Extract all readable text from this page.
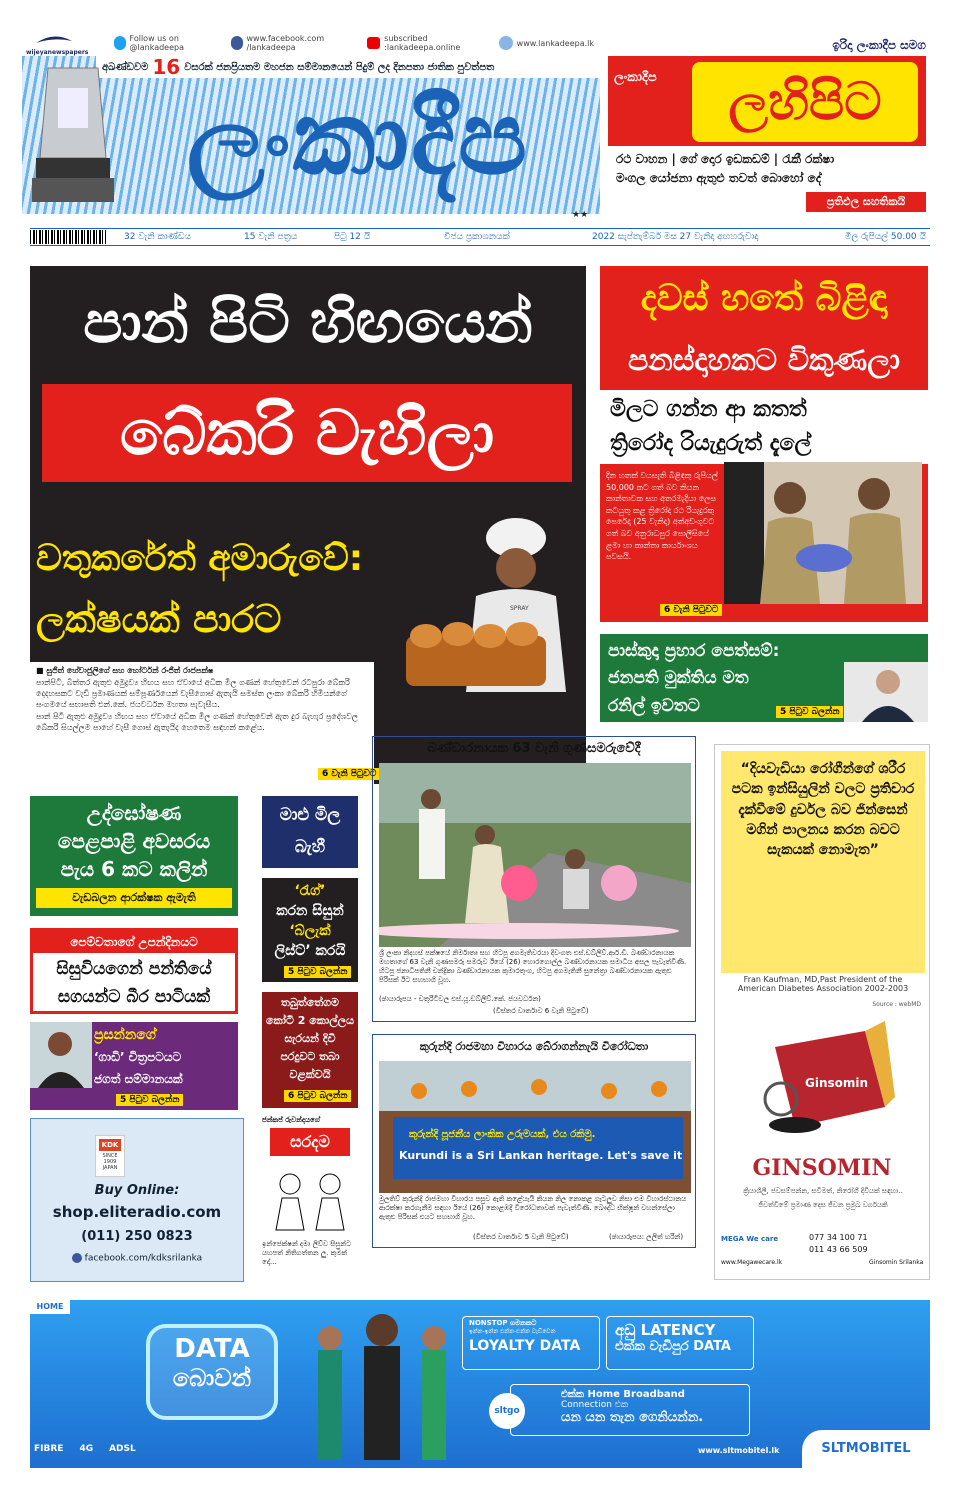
wijeyanewspapers
Follow us on @lankadeepa
www.facebook.com /lankadeepa
subscribed :lankadeepa.online	www.lankadeepa.lk
අඛණ්ඩවම 16 වසරක් ජනප්‍රියතම මහජන සම්මානයෙන් පිදුම් ලද දිනපතා ජාතික පුවත්පත
ලංකාදීප
★★
ඉරිදා ලංකාදීප සමග
ලංකාදීප	ලහිපිට
රථ වාහන | ගේ දොර ඉඩකඩම් | රැකී රක්ෂා
මංගල යෝජනා ඇතුළු තවත් බොහෝ දේ
ප්‍රතිඵල සහතිකයි
32 වැනි කාණ්ඩය	15 වැනි පත්‍රය	පිටු 12 යි	විජය ප්‍රකාශනයක්	2022 සැප්තැම්බර් මස 27 වැනිදා අඟහරුවාදා	මිල රුපියල් 50.00 යි
පාන් පිටි හිඟයෙන්
බේකරි වැහිලා
වතුකරේත් අමාරුවේ:
ලක්ෂයක් පාරට	SPRAY
■ සුජිත් හේවාජුලිගේ සහ හෝර්ටන් රංජිත් රාජපක්ෂ
පාන්පිටි, බිත්තර ඇතුළු අමුද්‍රව්‍ය හිඟය සහ ඒවායේ අධික මිල ගණන් හේතුවෙන් රටපුරා බේකරි දෙදහසකට වැඩි ප්‍රමාණයක් සම්පූර්ණයෙන් වැසීගොස් ඇතැයි සමස්ත ලංකා බේකරි හිමියන්ගේ සංගමයේ සභාපති එන්.කේ. ජයවර්ධන මහතා පැවැසීය.
පාන් පිටි ඇතුළු අමුද්‍රව්‍ය හිඟය සහ ඒවායේ අධික මිල ගණන් හේතුවෙන් ඇත දුර බැහැර ප්‍රදේශවල බේකරි සියල්ලම පාහේ වැසී ගොස් ඇතැයිද හෙතෙම සඳහන් කළේය.
6 වැනි පිටුවට
දවස් හතේ බිළිඳා
පනස්දාහකට විකුණලා
මිලට ගන්න ආ කතත්
ත්‍රිරෝද රියැදුරුත් දැලේ
දින හතක් වයසැති බිළිඳකු රුපියල් 50,000 කට ගත් බව කියන කාන්තාවක සහ අතරමැදියා ලෙස කටයුතු කළ ත්‍රිරෝද රථ රියැදුරකු පෙරේදා (25 වැනිදා) අත්අඩංගුවට ගත් බව අනුරාධපුර පොලීසියේ ළමා හා කාන්තා කාර්යාංශය පවසයි.
6 වැනි පිටුවට
පාස්කුදා ප්‍රහාර පෙත්සම්:
ජනපති මුක්තිය මත
රනිල් ඉවතට	5 පිටුව බලන්න
බණ්ඩාරනායක 63 වැනි ගුණසමරුවේදී
ශ්‍රී ලංකා නිදහස් පක්ෂයේ නිර්මාතෘ සහ හිටපු අගමැතිවරයා දිවංගත එස්.ඩබ්ලිව්.ආර්.ඩී. බණ්ඩාරනායක මහතාගේ 63 වැනි ගුණසමරු සමරුව ඊයේ (26) හොරගොල්ල බණ්ඩාරනායක සමාධිය අසල පැවැත්විණි. හිටපු ජනාධිපතිනී චන්ද්‍රිකා බණ්ඩාරනායක කුමාරතුංග, හිටපු අගමැතිනී සුනේත්‍රා බණ්ඩාරනායක ඇතුළු පිරිසක් ඊට සහභාගි වූහ.
(ඡායාරූපය - චතුරිටිවල එස්.යූ.ඩබ්ලිව්.කේ. ජයවර්ධන)
(විස්තර වාර්තාව 6 වැනි පිටුවේ)
උද්ඝෝෂණ
පෙළපාළි අවසරය
පැය 6 කට කලින්
වැඩබලන ආරක්ෂක ඇමැති
මාළු මිල
බැහී
‘රැග්’
කරන සිසුන්
‘බ්ලැක්
ලිස්ට්’ කරයි
5 පිටුව බලන්න
පෙම්වතාගේ උපන්දිනයට
සිසුවියගෙන් පන්තියේ
සගයන්ට බීර පාටියක්	තබුත්තේගම
කෝටි 2 කොල්ලය
සැරයන් දිවි
පරදුවට තබා
වළක්වයි
6 පිටුව බලන්න
ප්‍රසන්නගේ
‘ගාඩි’ චිත්‍රපටයට
ජගත් සම්මානයක්
5 පිටුව බලන්න
කුරුන්දි රාජමහා විහාරය බේරාගන්නැයි විරෝධතා
කුරුන්දි පූජනීය ලාංකික උරුමයක්, එය රකිමු.
Kurundi is a Sri Lankan heritage. Let's save it
මුලතිව් කුරුන්දි රාජමහා විහාරය පසුව ඇති කළේයැයි කියන නිල නොකළ ගැටලුව නිසා එම විහාරස්ථානය ආරක්ෂා කරගැනීම සඳහා ඊයේ (26) කොළඹදී විරෝධතාවක් පැවැත්විණි. බෞද්ධ භික්ෂූන් වහන්සේලා ඇතුළු පිරිසක් එයට සහභාගි වූහ.
(විස්තර වාර්තාව 5 වැනි පිටුවේ)	(ඡායාරූපය: ලලිත් හරින්)
ජන්කප් රුවන්දයගේ
සරදම
ඉන්ජෙක්ෂන් දමා ලිව්ව සිසුන්ට යහපත් නිතිගත්තන ලු. කුමක් දෝ...
KDK
SINCE 1909
JAPAN
Buy Online:
shop.eliteradio.com
(011) 250 0823
facebook.com/kdksrilanka
“දියවැඩියා රෝගීන්ගේ ශරීර පටක ඉන්සියුලින් වලට ප්‍රතිචාර දැක්වීමේ දුර්වල බව ජින්සෙන් මගින් පාලනය කරන බවට සැකයක් නොමැත”
Fran Kaufman, MD,Past President of the American Diabetes Association 2002-2003
Source : webMD
Ginsomin
GINSOMIN
ක්‍රියාශීලී, ජවසම්පන්න, සවිමත්, නිරෝගී දිවියක් සඳහා..
ජීවත්වීමේ ප්‍රමාණ දෙස ජීවන ප්‍රමුඛ වර්ගයකි
MEGA We care	077 34 100 71
011 43 66 509
www.Megawecare.lk	Ginsomin Srilanka
HOME
DATA
බොවන්
NONSTOP ගමනකට
ඉන්න-ඉන්න එන්න-එන්න වැඩිවෙන
LOYALTY DATA
අඩු LATENCY
එක්ක වැඩිපුර DATA
sltgo
එක්ක Home Broadband
Connection එක
යන යන තැන ගෙනියන්න.
FIBRE 4G ADSL	www.sltmobitel.lk	SLTMOBITEL
